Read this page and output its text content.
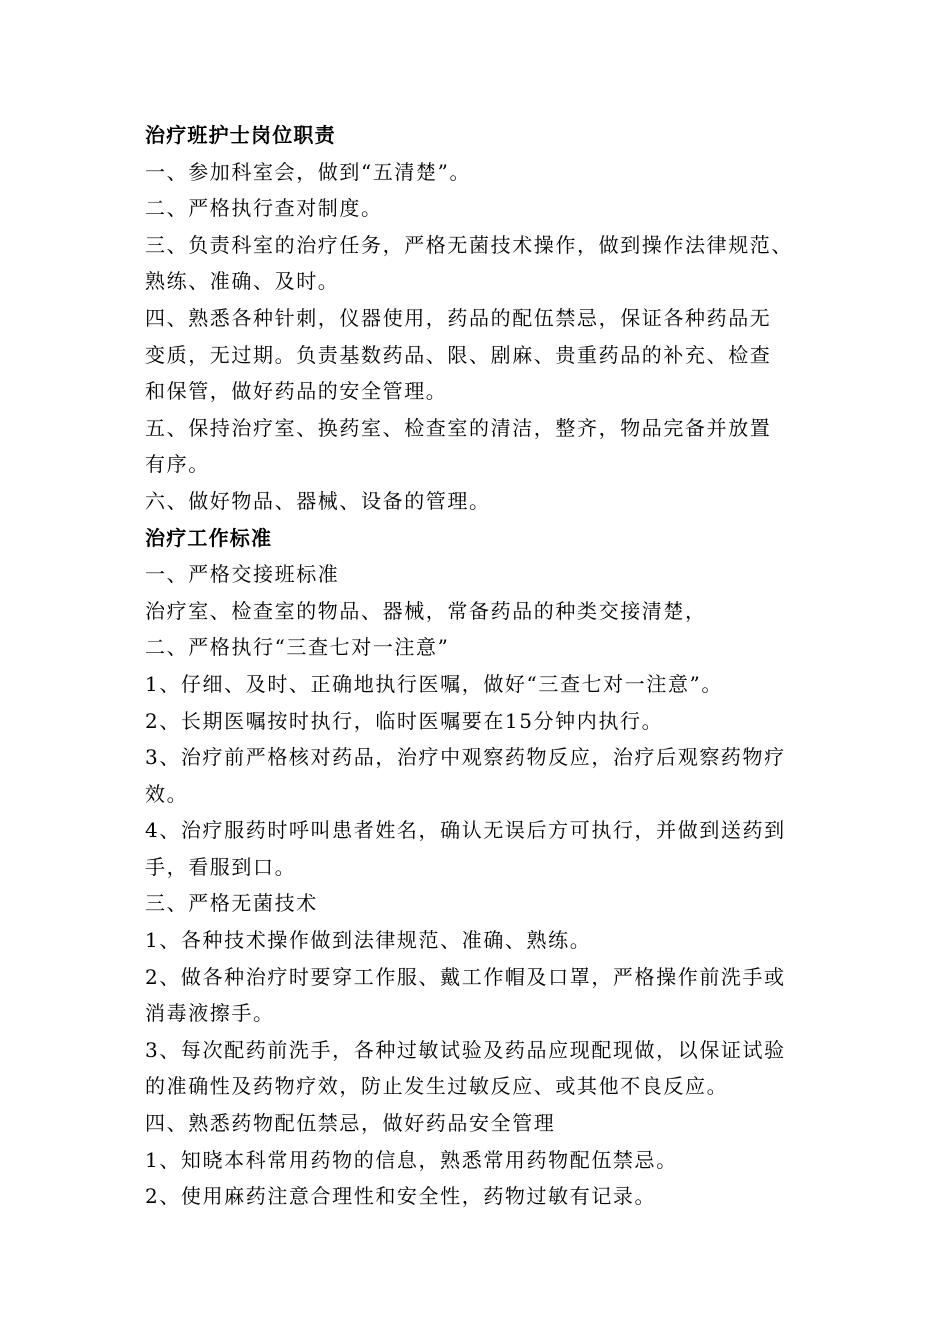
治疗班护士岗位职责

一、参加科室会，做到“五清楚”。

二、严格执行查对制度。

三、负责科室的治疗任务，严格无菌技术操作，做到操作法律规范、

熟练、准确、及时。

四、熟悉各种针刺，仪器使用，药品的配伍禁忌，保证各种药品无

变质，无过期。负责基数药品、限、剧麻、贵重药品的补充、检查

和保管，做好药品的安全管理。

五、保持治疗室、换药室、检查室的清洁，整齐，物品完备并放置

有序。

六、做好物品、器械、设备的管理。

治疗工作标准

一、严格交接班标准

治疗室、检查室的物品、器械，常备药品的种类交接清楚，

二、严格执行“三查七对一注意”

1、仔细、及时、正确地执行医嘱，做好“三查七对一注意”。

2、长期医嘱按时执行，临时医嘱要在15分钟内执行。

3、治疗前严格核对药品，治疗中观察药物反应，治疗后观察药物疗

效。

4、治疗服药时呼叫患者姓名，确认无误后方可执行，并做到送药到

手，看服到口。

三、严格无菌技术

1、各种技术操作做到法律规范、准确、熟练。

2、做各种治疗时要穿工作服、戴工作帽及口罩，严格操作前洗手或

消毒液擦手。

3、每次配药前洗手，各种过敏试验及药品应现配现做，以保证试验

的准确性及药物疗效，防止发生过敏反应、或其他不良反应。

四、熟悉药物配伍禁忌，做好药品安全管理

1、知晓本科常用药物的信息，熟悉常用药物配伍禁忌。

2、使用麻药注意合理性和安全性，药物过敏有记录。
